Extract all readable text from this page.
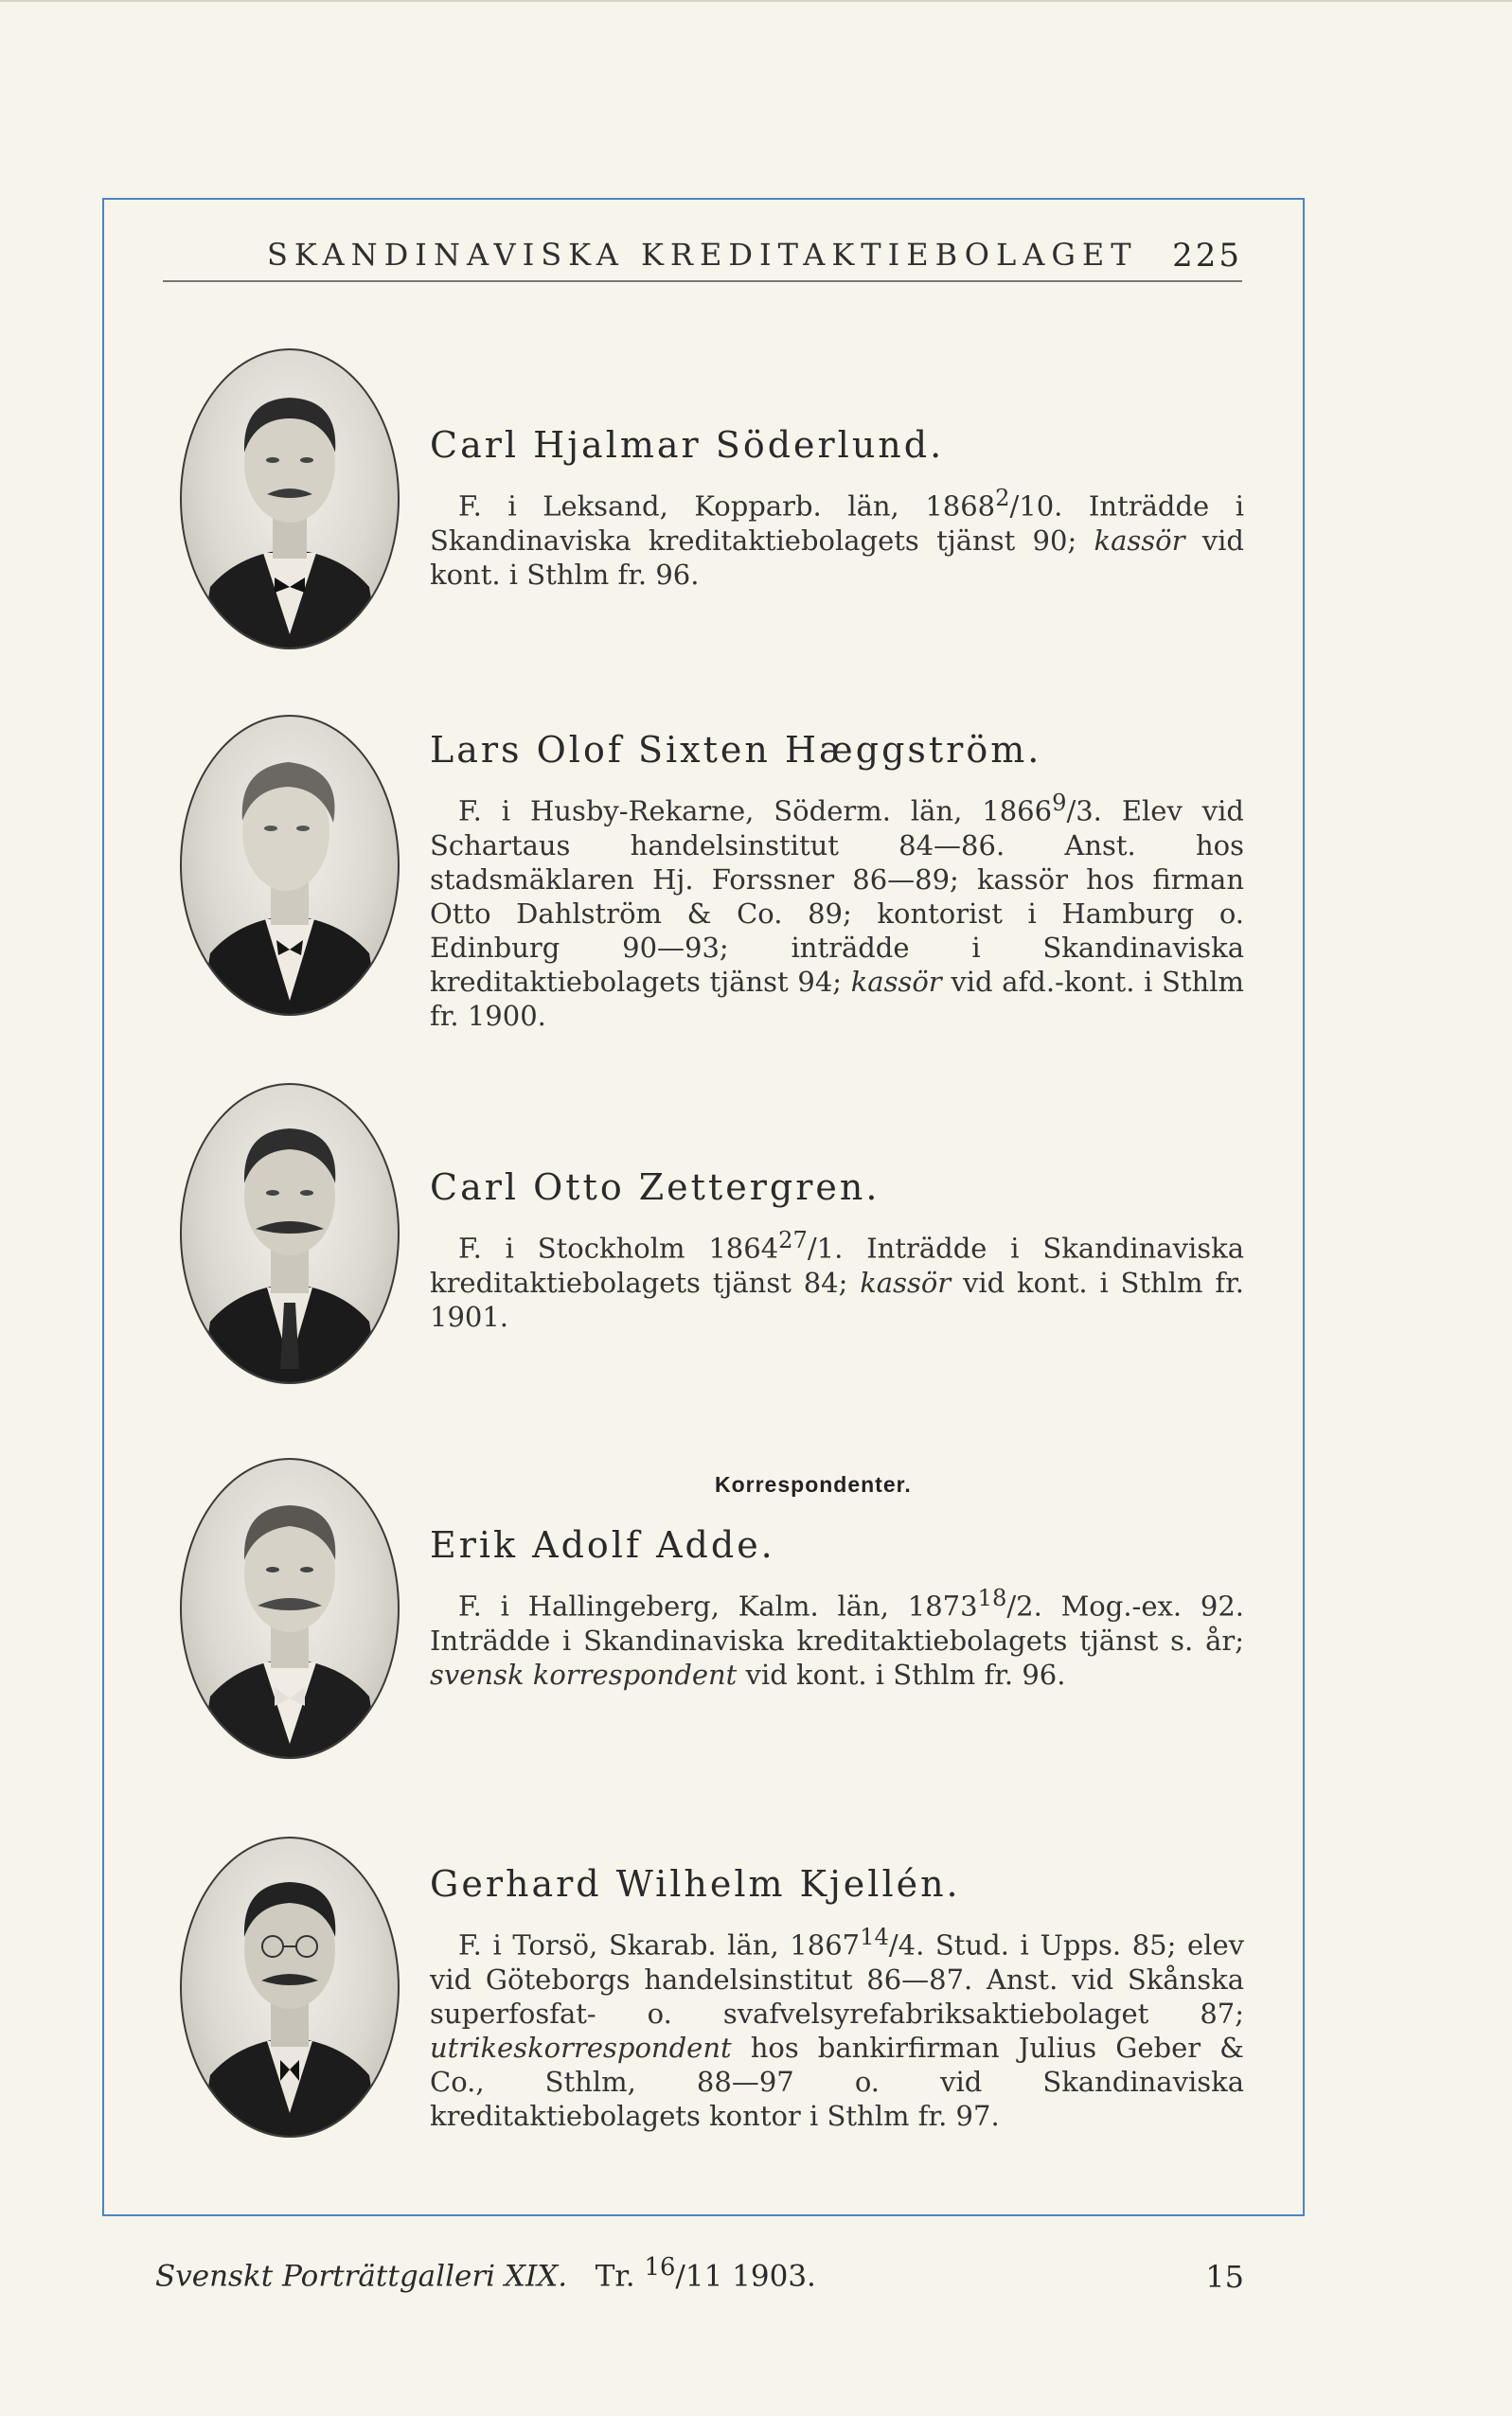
SKANDINAVISKA KREDITAKTIEBOLAGET 225
Carl Hjalmar Söderlund.

F. i Leksand, Kopparb. län, 1868$^2$/10. Inträdde i Skandinaviska kreditaktiebolagets tjänst 90; kassör vid kont. i Sthlm fr. 96.

Lars Olof Sixten Hæggström.

F. i Husby-Rekarne, Söderm. län, 1866$^9$/3. Elev vid Schartaus handelsinstitut 84—86. Anst. hos stadsmäklaren Hj. Forssner 86—89; kassör hos firman Otto Dahlström & Co. 89; kontorist i Hamburg o. Edinburg 90—93; inträdde i Skandinaviska kreditaktiebolagets tjänst 94; kassör vid afd.-kont. i Sthlm fr. 1900.

Carl Otto Zettergren.

F. i Stockholm 1864$^{27}$/1. Inträdde i Skandinaviska kreditaktiebolagets tjänst 84; kassör vid kont. i Sthlm fr. 1901.

Korrespondenter.
Erik Adolf Adde.

F. i Hallingeberg, Kalm. län, 1873$^{18}$/2. Mog.-ex. 92. Inträdde i Skandinaviska kreditaktiebolagets tjänst s. år; svensk korrespondent vid kont. i Sthlm fr. 96.

Gerhard Wilhelm Kjellén.

F. i Torsö, Skarab. län, 1867$^{14}$/4. Stud. i Upps. 85; elev vid Göteborgs handelsinstitut 86—87. Anst. vid Skånska superfosfat- o. svafvelsyrefabriksaktiebolaget 87; utrikeskorrespondent hos bankirfirman Julius Geber & Co., Sthlm, 88—97 o. vid Skandinaviska kreditaktiebolagets kontor i Sthlm fr. 97.

Svenskt Porträttgalleri XIX. Tr. $^{16}$/11 1903.	15
